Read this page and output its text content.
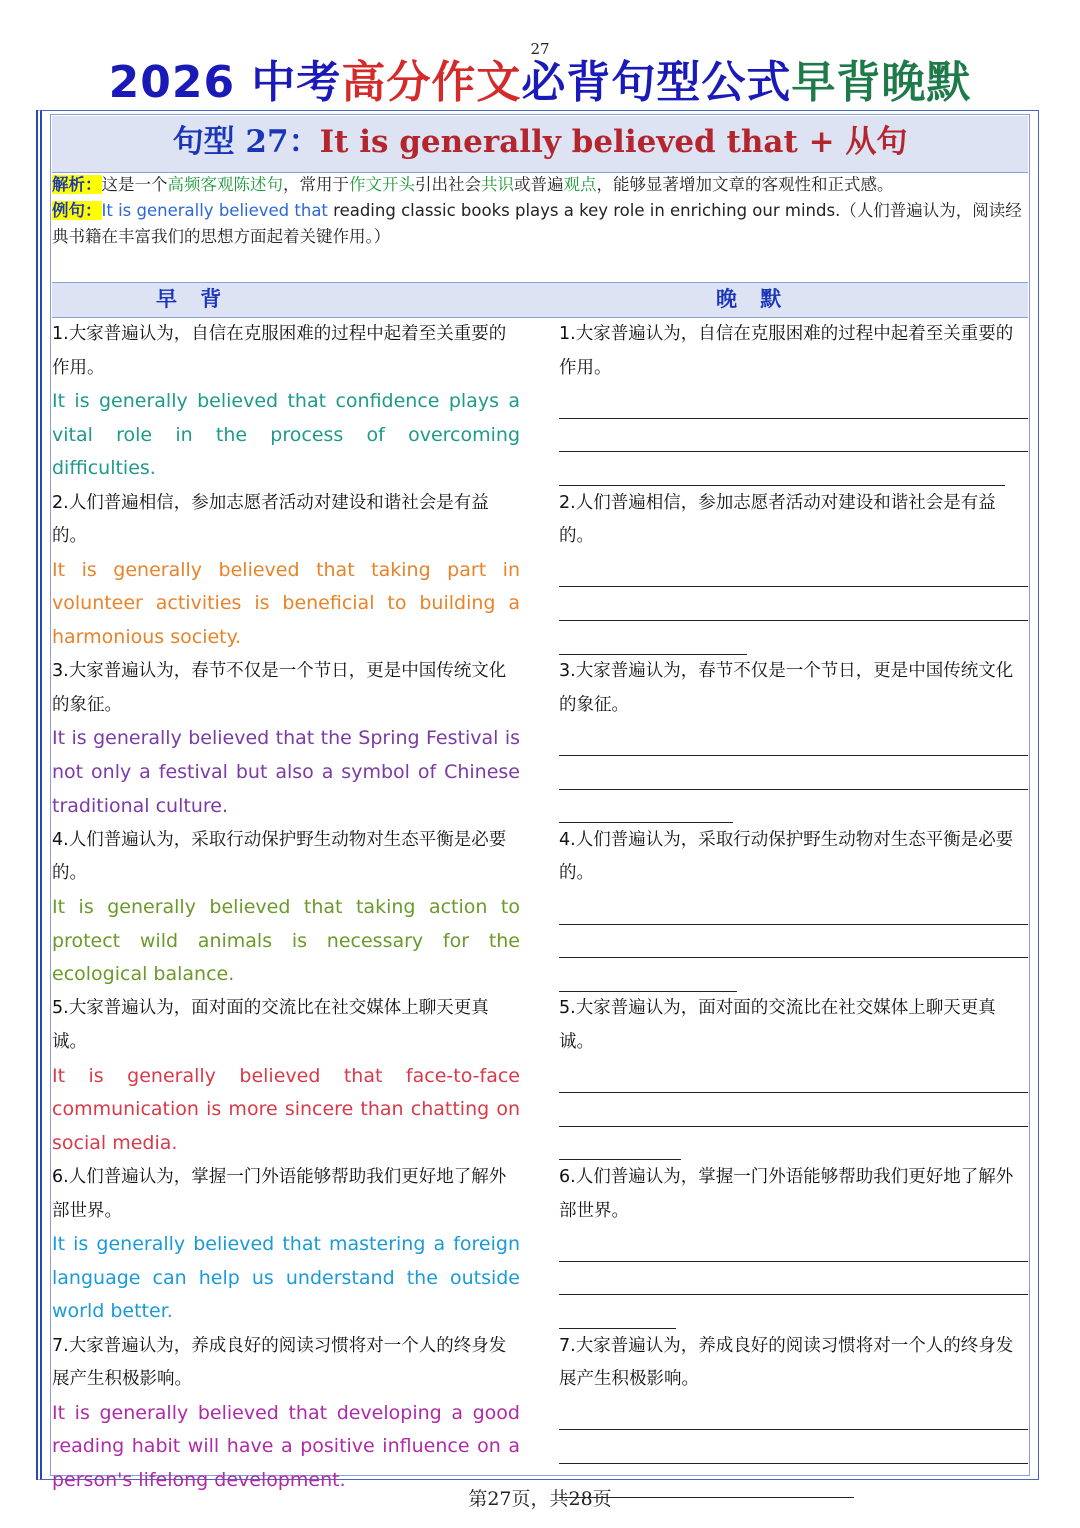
27
2026 中考高分作文必背句型公式早背晚默
句型 27：It is generally believed that + 从句
解析：这是一个高频客观陈述句，常用于作文开头引出社会共识或普遍观点，能够显著增加文章的客观性和正式感。
例句：It is generally believed that reading classic books plays a key role in enriching our minds.（人们普遍认为，阅读经典书籍在丰富我们的思想方面起着关键作用。）
早 背	晚 默
1.大家普遍认为，自信在克服困难的过程中起着至关重要的作用。
It is generally believed that confidence plays a vital role in the process of overcoming difficulties.
2.人们普遍相信，参加志愿者活动对建设和谐社会是有益的。
It is generally believed that taking part in volunteer activities is beneficial to building a harmonious society.
3.大家普遍认为，春节不仅是一个节日，更是中国传统文化的象征。
It is generally believed that the Spring Festival is not only a festival but also a symbol of Chinese traditional culture.
4.人们普遍认为，采取行动保护野生动物对生态平衡是必要的。
It is generally believed that taking action to protect wild animals is necessary for the ecological balance.
5.大家普遍认为，面对面的交流比在社交媒体上聊天更真诚。
It is generally believed that face-to-face communication is more sincere than chatting on social media.
6.人们普遍认为，掌握一门外语能够帮助我们更好地了解外部世界。
It is generally believed that mastering a foreign language can help us understand the outside world better.
7.大家普遍认为，养成良好的阅读习惯将对一个人的终身发展产生积极影响。
It is generally believed that developing a good reading habit will have a positive influence on a person's lifelong development.
1.大家普遍认为，自信在克服困难的过程中起着至关重要的作用。
2.人们普遍相信，参加志愿者活动对建设和谐社会是有益的。
3.大家普遍认为，春节不仅是一个节日，更是中国传统文化的象征。
4.人们普遍认为，采取行动保护野生动物对生态平衡是必要的。
5.大家普遍认为，面对面的交流比在社交媒体上聊天更真诚。
6.人们普遍认为，掌握一门外语能够帮助我们更好地了解外部世界。
7.大家普遍认为，养成良好的阅读习惯将对一个人的终身发展产生积极影响。
第27页，共28页
